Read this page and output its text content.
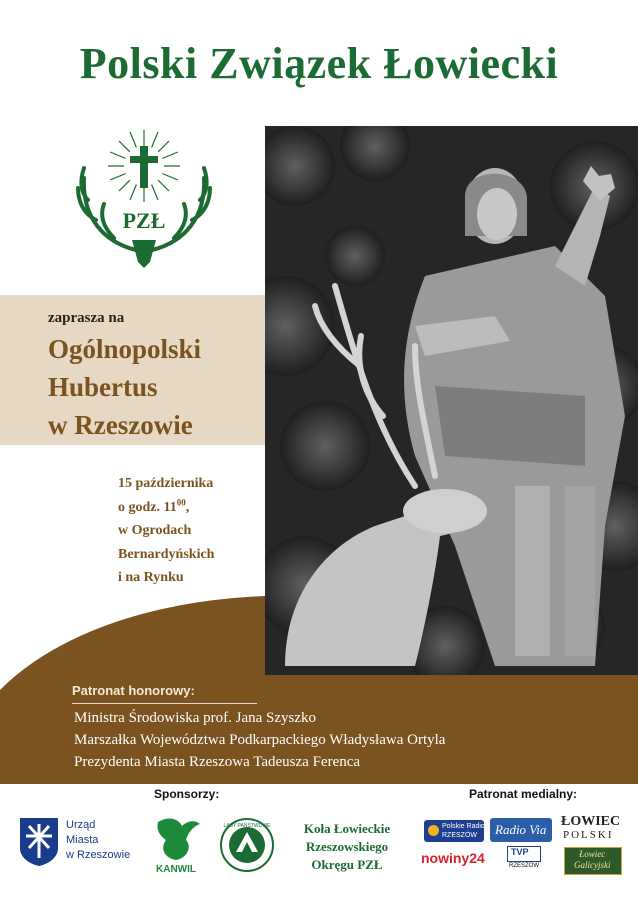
Polski Związek Łowiecki
PZŁ
zaprasza na
Ogólnopolski
Hubertus
w Rzeszowie
15 października
o godz. $11^{00}$,
w Ogrodach
Bernardyńskich
i na Rynku
Patronat honorowy:
Ministra Środowiska prof. Jana Szyszko
Marszałka Województwa Podkarpackiego Władysława Ortyla
Prezydenta Miasta Rzeszowa Tadeusza Ferenca
Sponsorzy:	Patronat medialny:
Urząd
Miasta
w Rzeszowie
KANWIL
LASY PAŃSTWOWE	Koła Łowieckie
Rzeszowskiego
Okręgu PZŁ
Polskie Radio
RZESZÓW	Radio Via
ŁOWIEC
POLSKI
nowiny24	TVP
RZESZÓW
Łowiec
Galicyjski
